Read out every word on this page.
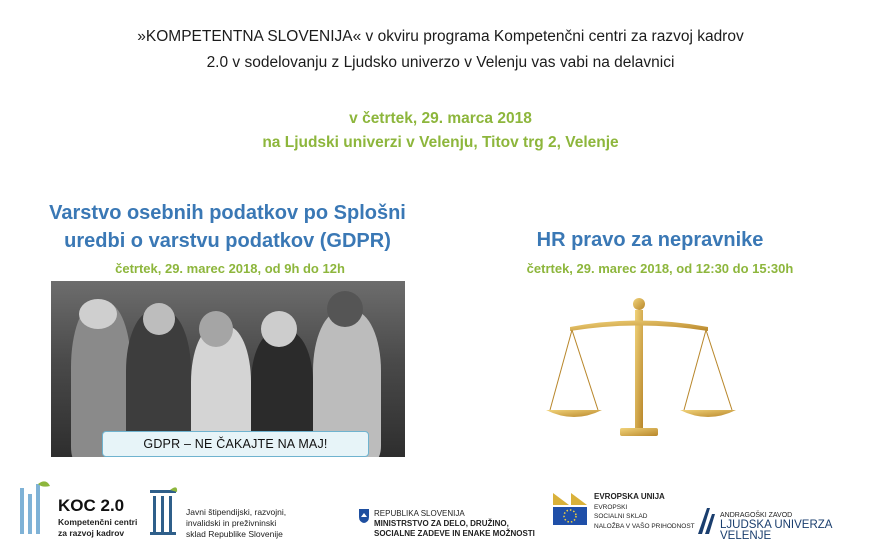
»KOMPETENTNA SLOVENIJA« v okviru programa Kompetenčni centri za razvoj kadrov
2.0 v sodelovanju z Ljudsko univerzo v Velenju vas vabi na delavnici
v četrtek, 29. marca 2018
na Ljudski univerzi v Velenju, Titov trg 2, Velenje
Varstvo osebnih podatkov po Splošni
uredbi o varstvu podatkov (GDPR)
četrtek, 29. marec 2018, od 9h do 12h
GDPR – NE ČAKAJTE NA MAJ!
HR pravo za nepravnike
četrtek, 29. marec 2018, od 12:30 do 15:30h
KOC 2.0
Kompetenčni centri
za razvoj kadrov
Javni štipendijski, razvojni,
invalidski in preživninski
sklad Republike Slovenije
REPUBLIKA SLOVENIJA
MINISTRSTVO ZA DELO, DRUŽINO,
SOCIALNE ZADEVE IN ENAKE MOŽNOSTI
EVROPSKA UNIJA
EVROPSKI
SOCIALNI SKLAD
NALOŽBA V VAŠO PRIHODNOST
ANDRAGOŠKI ZAVOD
LJUDSKA UNIVERZA VELENJE
